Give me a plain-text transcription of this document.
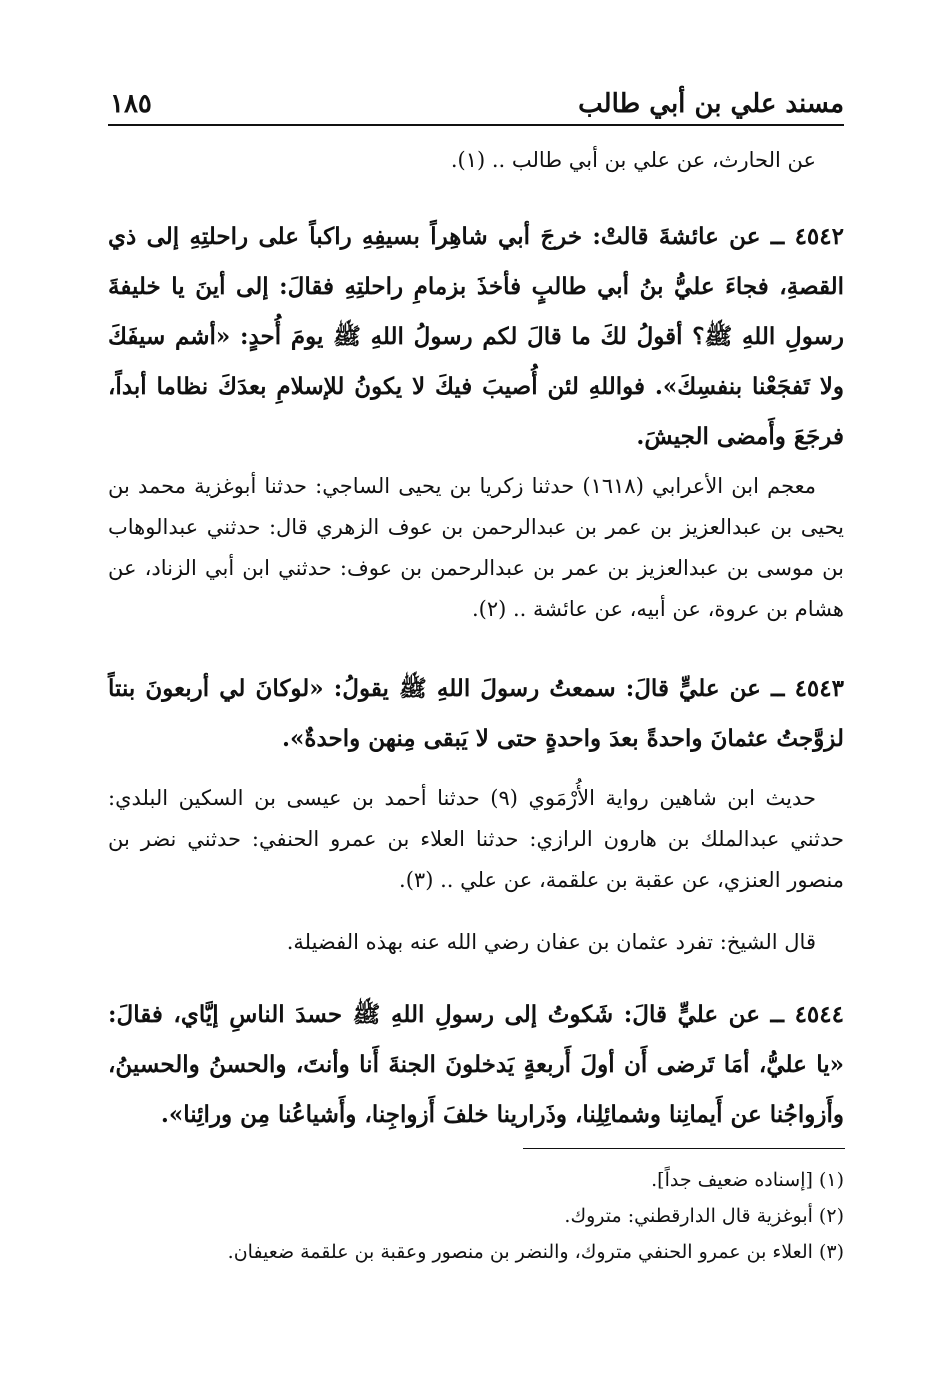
مسند علي بن أبي طالب
١٨٥

عن الحارث، عن علي بن أبي طالب .. (١).

٤٥٤٢ ــ عن عائشةَ قالتْ: خرجَ أبي شاهِراً بسيفِهِ راكباً على راحلتِهِ إلى ذي القصةِ، فجاءَ عليُّ بنُ أبي طالبٍ فأخذَ بزمامِ راحلتِهِ فقالَ: إلى أينَ يا خليفةَ رسولِ اللهِ ﷺ؟ أقولُ لكَ ما قالَ لكم رسولُ اللهِ ﷺ يومَ أُحدٍ: «أشم سيفَكَ ولا تَفجَعْنا بنفسِكَ». فواللهِ لئن أُصيبَ فيكَ لا يكونُ للإسلامِ بعدَكَ نظاما أبداً، فرجَعَ وأَمضى الجيشَ.

معجم ابن الأعرابي (١٦١٨) حدثنا زكريا بن يحيى الساجي: حدثنا أبوغزية محمد بن يحيى بن عبدالعزيز بن عمر بن عبدالرحمن بن عوف الزهري قال: حدثني عبدالوهاب بن موسى بن عبدالعزيز بن عمر بن عبدالرحمن بن عوف: حدثني ابن أبي الزناد، عن هشام بن عروة، عن أبيه، عن عائشة .. (٢).

٤٥٤٣ ــ عن عليٍّ قالَ: سمعتُ رسولَ اللهِ ﷺ يقولُ: «لوكانَ لي أربعونَ بنتاً لزوَّجتُ عثمانَ واحدةً بعدَ واحدةٍ حتى لا يَبقى مِنهن واحدةٌ».

حديث ابن شاهين رواية الأُرْمَوي (٩) حدثنا أحمد بن عيسى بن السكين البلدي: حدثني عبدالملك بن هارون الرازي: حدثنا العلاء بن عمرو الحنفي: حدثني نضر بن منصور العنزي، عن عقبة بن علقمة، عن علي .. (٣).

قال الشيخ: تفرد عثمان بن عفان رضي الله عنه بهذه الفضيلة.

٤٥٤٤ ــ عن عليٍّ قالَ: شَكوتُ إلى رسولِ اللهِ ﷺ حسدَ الناسِ إيَّاي، فقالَ: «يا عليُّ، أمَا تَرضى أَن أولَ أَربعةٍ يَدخلونَ الجنةَ أَنا وأنتَ، والحسنُ والحسينُ، وأَزواجُنا عن أَيمانِنا وشمائِلِنا، وذَرارينا خلفَ أَزواجِنا، وأَشياعُنا مِن ورائِنا».

(١) [إسناده ضعيف جداً].

(٢) أبوغزية قال الدارقطني: متروك.

(٣) العلاء بن عمرو الحنفي متروك، والنضر بن منصور وعقبة بن علقمة ضعيفان.
